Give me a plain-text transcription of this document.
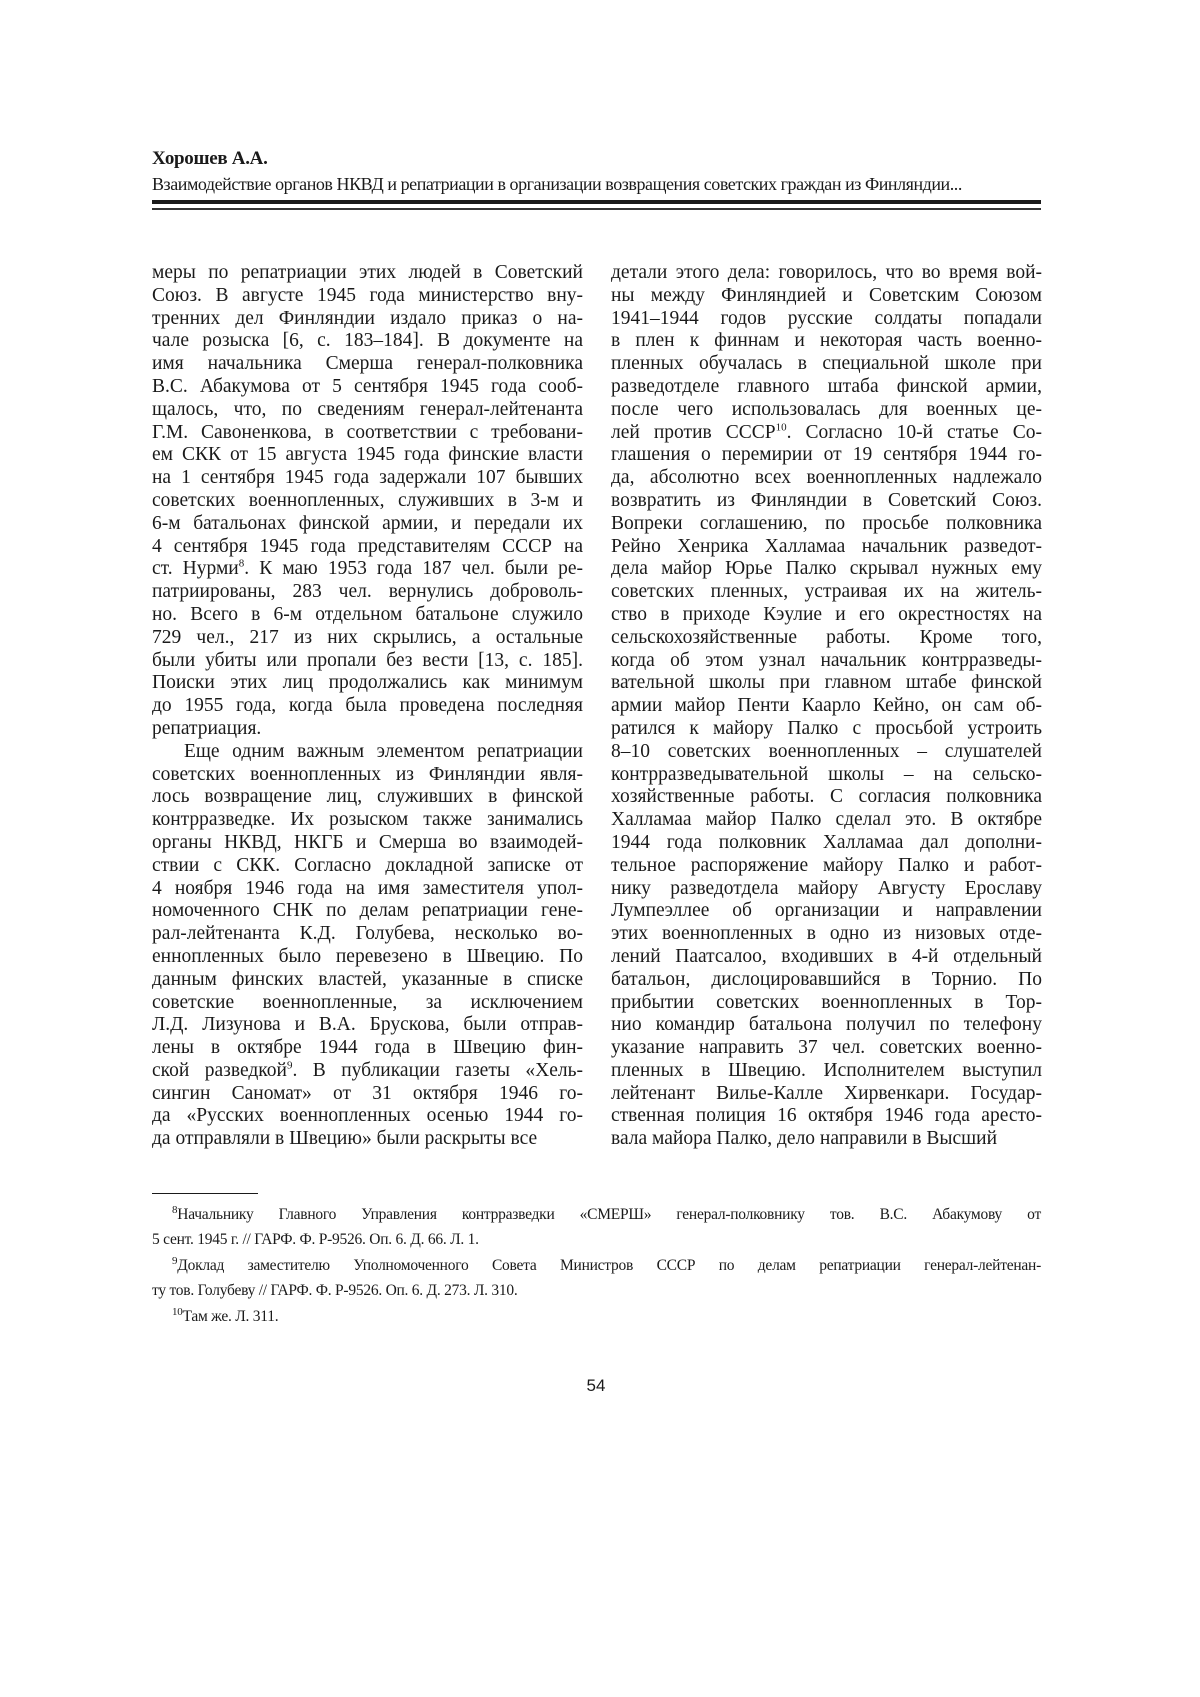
Хорошев А.А.
Взаимодействие органов НКВД и репатриации в организации возвращения советских граждан из Финляндии...
меры по репатриации этих людей в Советский
Союз. В августе 1945 года министерство вну-
тренних дел Финляндии издало приказ о на-
чале розыска [6, с. 183–184]. В документе на
имя начальника Смерша генерал-полковника
В.С. Абакумова от 5 сентября 1945 года сооб-
щалось, что, по сведениям генерал-лейтенанта
Г.М. Савоненкова, в соответствии с требовани-
ем СКК от 15 августа 1945 года финские власти
на 1 сентября 1945 года задержали 107 бывших
советских военнопленных, служивших в 3-м и
6-м батальонах финской армии, и передали их
4 сентября 1945 года представителям СССР на
ст. Нурми8. К маю 1953 года 187 чел. были ре-
патриированы, 283 чел. вернулись доброволь-
но. Всего в 6-м отдельном батальоне служило
729 чел., 217 из них скрылись, а остальные
были убиты или пропали без вести [13, с. 185].
Поиски этих лиц продолжались как минимум
до 1955 года, когда была проведена последняя
репатриация.
Еще одним важным элементом репатриации
советских военнопленных из Финляндии явля-
лось возвращение лиц, служивших в финской
контрразведке. Их розыском также занимались
органы НКВД, НКГБ и Смерша во взаимодей-
ствии с СКК. Согласно докладной записке от
4 ноября 1946 года на имя заместителя упол-
номоченного СНК по делам репатриации гене-
рал-лейтенанта К.Д. Голубева, несколько во-
еннопленных было перевезено в Швецию. По
данным финских властей, указанные в списке
советские военнопленные, за исключением
Л.Д. Лизунова и В.А. Брускова, были отправ-
лены в октябре 1944 года в Швецию фин-
ской разведкой9. В публикации газеты «Хель-
сингин Саномат» от 31 октября 1946 го-
да «Русских военнопленных осенью 1944 го-
да отправляли в Швецию» были раскрыты все
детали этого дела: говорилось, что во время вой-
ны между Финляндией и Советским Союзом
1941–1944 годов русские солдаты попадали
в плен к финнам и некоторая часть военно-
пленных обучалась в специальной школе при
разведотделе главного штаба финской армии,
после чего использовалась для военных це-
лей против СССР10. Согласно 10-й статье Со-
глашения о перемирии от 19 сентября 1944 го-
да, абсолютно всех военнопленных надлежало
возвратить из Финляндии в Советский Союз.
Вопреки соглашению, по просьбе полковника
Рейно Хенрика Халламаа начальник разведот-
дела майор Юрье Палко скрывал нужных ему
советских пленных, устраивая их на житель-
ство в приходе Кэулие и его окрестностях на
сельскохозяйственные работы. Кроме того,
когда об этом узнал начальник контрразведы-
вательной школы при главном штабе финской
армии майор Пенти Каарло Кейно, он сам об-
ратился к майору Палко с просьбой устроить
8–10 советских военнопленных – слушателей
контрразведывательной школы – на сельско-
хозяйственные работы. С согласия полковника
Халламаа майор Палко сделал это. В октябре
1944 года полковник Халламаа дал дополни-
тельное распоряжение майору Палко и работ-
нику разведотдела майору Августу Ерославу
Лумпеэллее об организации и направлении
этих военнопленных в одно из низовых отде-
лений Паатсалоо, входивших в 4-й отдельный
батальон, дислоцировавшийся в Торнио. По
прибытии советских военнопленных в Тор-
нио командир батальона получил по телефону
указание направить 37 чел. советских военно-
пленных в Швецию. Исполнителем выступил
лейтенант Вилье-Калле Хирвенкари. Государ-
ственная полиция 16 октября 1946 года аресто-
вала майора Палко, дело направили в Высший
8Начальнику Главного Управления контрразведки «СМЕРШ» генерал-полковнику тов. В.С. Абакумову от
5 сент. 1945 г. // ГАРФ. Ф. Р-9526. Оп. 6. Д. 66. Л. 1.
9Доклад заместителю Уполномоченного Совета Министров СССР по делам репатриации генерал-лейтенан-
ту тов. Голубеву // ГАРФ. Ф. Р-9526. Оп. 6. Д. 273. Л. 310.
10Там же. Л. 311.
54
